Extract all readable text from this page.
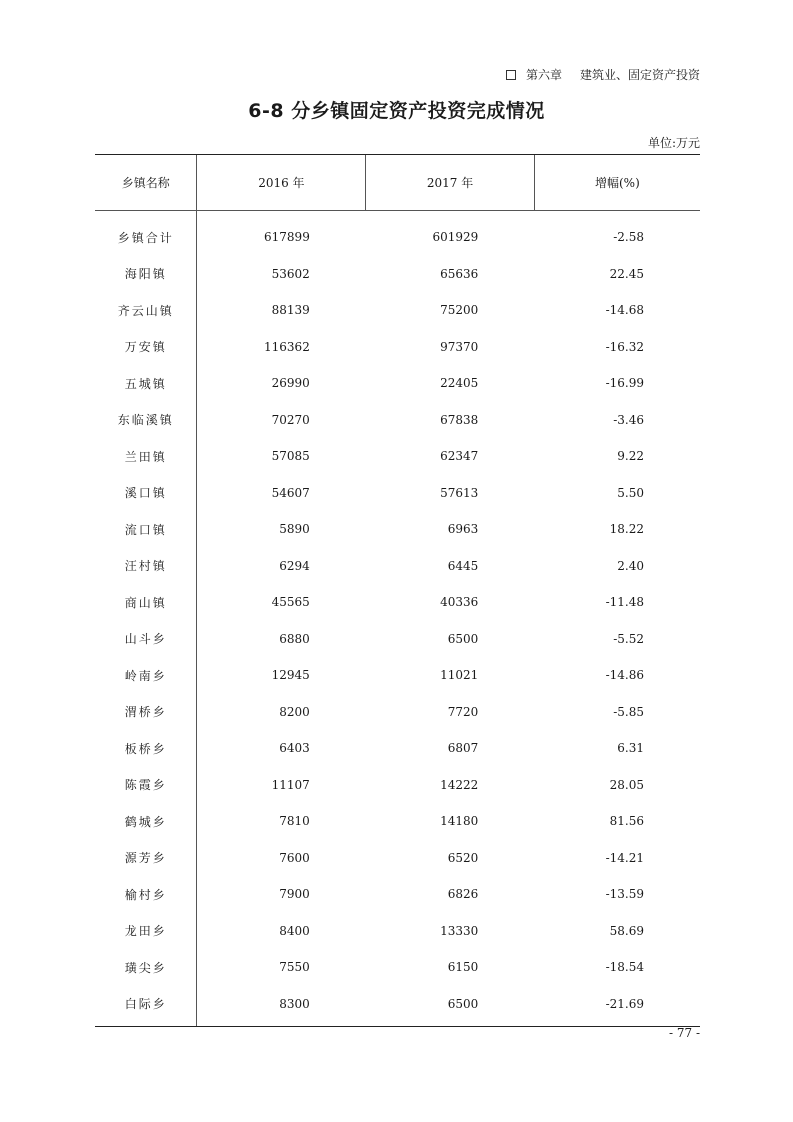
第六章 建筑业、固定资产投资
6-8 分乡镇固定资产投资完成情况
单位:万元
乡镇名称	2016 年	2017 年	增幅(%)
乡镇合计	617899	601929	-2.58
海阳镇	53602	65636	22.45
齐云山镇	88139	75200	-14.68
万安镇	116362	97370	-16.32
五城镇	26990	22405	-16.99
东临溪镇	70270	67838	-3.46
兰田镇	57085	62347	9.22
溪口镇	54607	57613	5.50
流口镇	5890	6963	18.22
汪村镇	6294	6445	2.40
商山镇	45565	40336	-11.48
山斗乡	6880	6500	-5.52
岭南乡	12945	11021	-14.86
渭桥乡	8200	7720	-5.85
板桥乡	6403	6807	6.31
陈霞乡	11107	14222	28.05
鹤城乡	7810	14180	81.56
源芳乡	7600	6520	-14.21
榆村乡	7900	6826	-13.59
龙田乡	8400	13330	58.69
璜尖乡	7550	6150	-18.54
白际乡	8300	6500	-21.69
- 77 -
